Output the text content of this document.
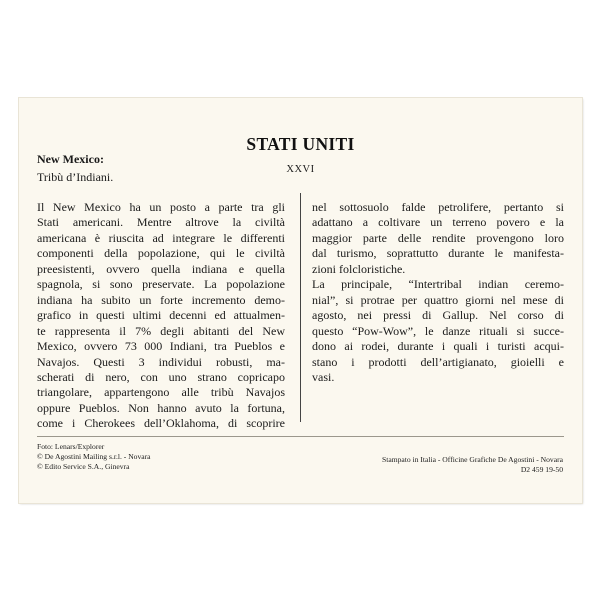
STATI UNITI
XXVI
New Mexico:
Tribù d’Indiani.
Il New Mexico ha un posto a parte tra gli
Stati americani. Mentre altrove la civiltà
americana è riuscita ad integrare le differenti
componenti della popolazione, qui le civiltà
preesistenti, ovvero quella indiana e quella
spagnola, si sono preservate. La popolazione
indiana ha subito un forte incremento demo-
grafico in questi ultimi decenni ed attualmen-
te rappresenta il 7% degli abitanti del New
Mexico, ovvero 73 000 Indiani, tra Pueblos e
Navajos. Questi 3 individui robusti, ma-
scherati di nero, con uno strano copricapo
triangolare, appartengono alle tribù Navajos
oppure Pueblos. Non hanno avuto la fortuna,
come i Cherokees dell’Oklahoma, di scoprire
nel sottosuolo falde petrolifere, pertanto si
adattano a coltivare un terreno povero e la
maggior parte delle rendite provengono loro
dal turismo, soprattutto durante le manifesta-
zioni folcloristiche.
La principale, “Intertribal indian ceremo-
nial”, si protrae per quattro giorni nel mese di
agosto, nei pressi di Gallup. Nel corso di
questo “Pow-Wow”, le danze rituali si succe-
dono ai rodei, durante i quali i turisti acqui-
stano i prodotti dell’artigianato, gioielli e
vasi.
Foto: Lenars/Explorer
© De Agostini Mailing s.r.l. - Novara
© Edito Service S.A., Ginevra
Stampato in Italia - Officine Grafiche De Agostini - Novara
D2 459 19-50
